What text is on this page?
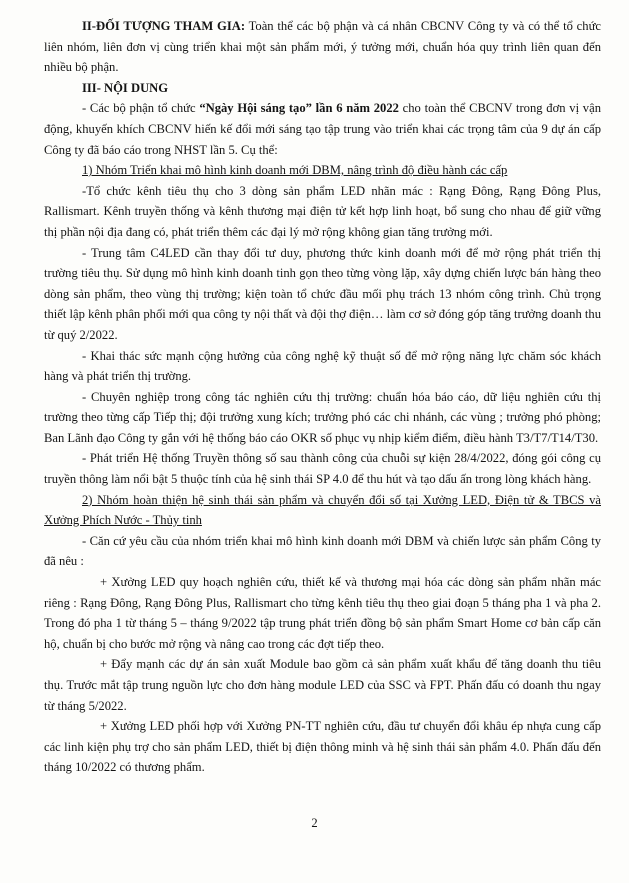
II-ĐỐI TƯỢNG THAM GIA: Toàn thể các bộ phận và cá nhân CBCNV Công ty và có thể tổ chức liên nhóm, liên đơn vị cùng triển khai một sản phẩm mới, ý tưởng mới, chuẩn hóa quy trình liên quan đến nhiều bộ phận.

III- NỘI DUNG

- Các bộ phận tổ chức “Ngày Hội sáng tạo” lần 6 năm 2022 cho toàn thể CBCNV trong đơn vị vận động, khuyến khích CBCNV hiến kế đổi mới sáng tạo tập trung vào triển khai các trọng tâm của 9 dự án cấp Công ty đã báo cáo trong NHST lần 5. Cụ thể:

1) Nhóm Triển khai mô hình kinh doanh mới DBM, nâng trình độ điều hành các cấp

-Tổ chức kênh tiêu thụ cho 3 dòng sản phẩm LED nhãn mác : Rạng Đông, Rạng Đông Plus, Rallismart. Kênh truyền thống và kênh thương mại điện tử kết hợp linh hoạt, bổ sung cho nhau để giữ vững thị phần nội địa đang có, phát triển thêm các đại lý mở rộng không gian tăng trưởng mới.

- Trung tâm C4LED cần thay đổi tư duy, phương thức kinh doanh mới để mở rộng phát triển thị trường tiêu thụ. Sử dụng mô hình kinh doanh tinh gọn theo từng vòng lặp, xây dựng chiến lược bán hàng theo dòng sản phẩm, theo vùng thị trường; kiện toàn tổ chức đầu mối phụ trách 13 nhóm công trình. Chủ trọng thiết lập kênh phân phối mới qua công ty nội thất và đội thợ điện… làm cơ sở đóng góp tăng trưởng doanh thu từ quý 2/2022.

- Khai thác sức mạnh cộng hưởng của công nghệ kỹ thuật số để mở rộng năng lực chăm sóc khách hàng và phát triển thị trường.

- Chuyên nghiệp trong công tác nghiên cứu thị trường: chuẩn hóa báo cáo, dữ liệu nghiên cứu thị trường theo từng cấp Tiếp thị; đội trưởng xung kích; trưởng phó các chi nhánh, các vùng ; trưởng phó phòng; Ban Lãnh đạo Công ty gắn với hệ thống báo cáo OKR số phục vụ nhịp kiểm điểm, điều hành T3/T7/T14/T30.

- Phát triển Hệ thống Truyền thông số sau thành công của chuỗi sự kiện 28/4/2022, đóng gói công cụ truyền thông làm nổi bật 5 thuộc tính của hệ sinh thái SP 4.0 để thu hút và tạo dấu ấn trong lòng khách hàng.

2) Nhóm hoàn thiện hệ sinh thái sản phẩm và chuyển đổi số tại Xưởng LED, Điện tử & TBCS và Xưởng Phích Nước - Thủy tinh

- Căn cứ yêu cầu của nhóm triển khai mô hình kinh doanh mới DBM và chiến lược sản phẩm Công ty đã nêu :

+ Xưởng LED quy hoạch nghiên cứu, thiết kế và thương mại hóa các dòng sản phẩm nhãn mác riêng : Rạng Đông, Rạng Đông Plus, Rallismart cho từng kênh tiêu thụ theo giai đoạn 5 tháng pha 1 và pha 2. Trong đó pha 1 từ tháng 5 – tháng 9/2022 tập trung phát triển đồng bộ sản phẩm Smart Home cơ bản cấp căn hộ, chuẩn bị cho bước mở rộng và nâng cao trong các đợt tiếp theo.

+ Đẩy mạnh các dự án sản xuất Module bao gồm cả sản phẩm xuất khẩu để tăng doanh thu tiêu thụ. Trước mắt tập trung nguồn lực cho đơn hàng module LED của SSC và FPT. Phấn đấu có doanh thu ngay từ tháng 5/2022.

+ Xưởng LED phối hợp với Xưởng PN-TT nghiên cứu, đầu tư chuyển đổi khâu ép nhựa cung cấp các linh kiện phụ trợ cho sản phẩm LED, thiết bị điện thông minh và hệ sinh thái sản phẩm 4.0. Phấn đấu đến tháng 10/2022 có thương phẩm.

2
